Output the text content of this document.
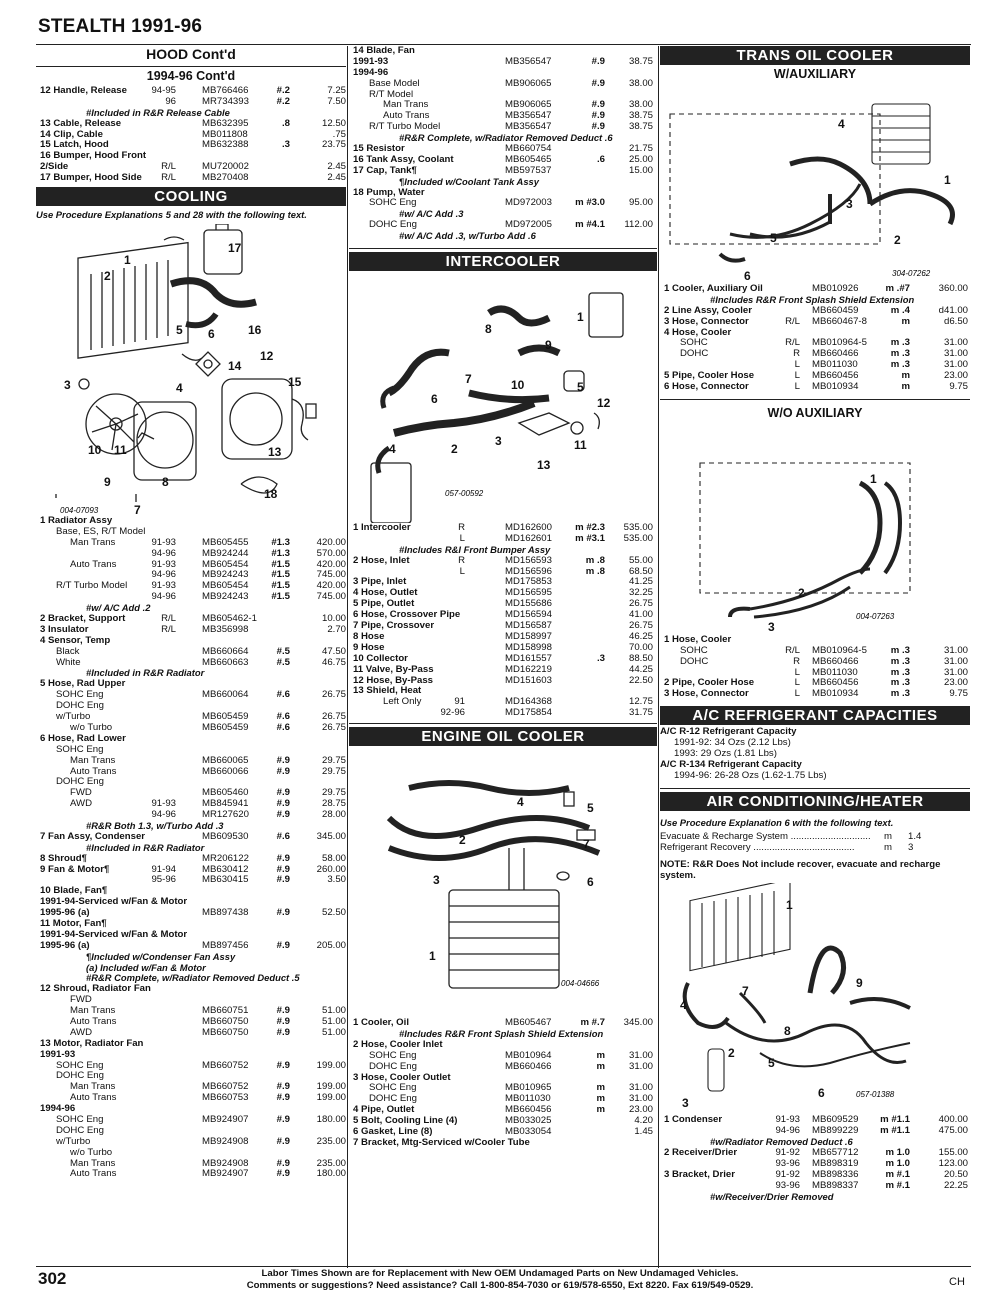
STEALTH 1991-96
HOOD Cont'd
1994-96 Cont'd
12 Handle, Release	94-95	MB766466	#.2	7.25
96	MR734393	#.2	7.50
#Included in R&R Release Cable
13 Cable, Release	MB632395	.8	12.50
14 Clip, Cable	MB011808	.75
15 Latch, Hood	MB632388	.3	23.75
16 Bumper, Hood Front
2/Side	R/L	MU720002	2.45
17 Bumper, Hood Side R/L	MB270408	2.45
COOLING
Use Procedure Explanations 5 and 28 with the following text.
1
2
3	4
5 6
7
8
9
10 11
12
13
14
15
16
17
18
004-07093
1 Radiator Assy
Base, ES, R/T Model
Man Trans	91-93	MB605455 #1.3	420.00
94-96	MB924244 #1.3	570.00
Auto Trans	91-93	MB605454 #1.5	420.00
94-96	MB924243 #1.5	745.00
R/T Turbo Model	91-93	MB605454 #1.5	420.00
94-96	MB924243 #1.5	745.00
#w/ A/C Add .2
2 Bracket, Support	R/L	MB605462-1	10.00
3 Insulator	R/L	MB356998	2.70
4 Sensor, Temp
Black	MB660664	#.5	47.50
White	MB660663	#.5	46.75
#Included in R&R Radiator
5 Hose, Rad Upper
SOHC Eng	MB660064	#.6	26.75
DOHC Eng
w/Turbo	MB605459	#.6	26.75
w/o Turbo	MB605459	#.6	26.75
6 Hose, Rad Lower
SOHC Eng
Man Trans	MB660065	#.9	29.75
Auto Trans	MB660066	#.9	29.75
DOHC Eng
FWD	MB605460	#.9	29.75
AWD	91-93	MB845941	#.9	28.75
94-96	MR127620	#.9	28.00
#R&R Both 1.3, w/Turbo Add .3
7 Fan Assy, Condenser	MB609530	#.6	345.00
#Included in R&R Radiator
8 Shroud¶	MR206122	#.9	58.00
9 Fan & Motor¶	91-94	MB630412	#.9	260.00
95-96	MB630415	#.9	3.50
10 Blade, Fan¶
1991-94-Serviced w/Fan & Motor
1995-96 (a)	MB897438	#.9	52.50
11 Motor, Fan¶
1991-94-Serviced w/Fan & Motor
1995-96 (a)	MB897456	#.9	205.00
¶Included w/Condenser Fan Assy
(a) Included w/Fan & Motor
#R&R Complete, w/Radiator Removed Deduct .5
12 Shroud, Radiator Fan
FWD
Man Trans	MB660751	#.9	51.00
Auto Trans	MB660750	#.9	51.00
AWD	MB660750	#.9	51.00
13 Motor, Radiator Fan
1991-93
SOHC Eng	MB660752	#.9	199.00
DOHC Eng
Man Trans	MB660752	#.9	199.00
Auto Trans	MB660753	#.9	199.00
1994-96
SOHC Eng	MB924907	#.9	180.00
DOHC Eng
w/Turbo	MB924908	#.9	235.00
w/o Turbo
Man Trans	MB924908	#.9	235.00
Auto Trans	MB924907	#.9	180.00
14 Blade, Fan
1991-93	MB356547	#.9 38.75
1994-96
Base Model	MB906065	#.9 38.00
R/T Model
Man Trans	MB906065	#.9 38.00
Auto Trans	MB356547	#.9 38.75
R/T Turbo Model	MB356547	#.9 38.75
#R&R Complete, w/Radiator Removed Deduct .6
15 Resistor	MB660754	21.75
16 Tank Assy, Coolant	MB605465	.6 25.00
17 Cap, Tank¶	MB597537	15.00
¶Included w/Coolant Tank Assy
18 Pump, Water
SOHC Eng	MD972003 m #3.0 95.00
#w/ A/C Add .3
DOHC Eng	MD972005 m #4.1 112.00
#w/ A/C Add .3, w/Turbo Add .6
INTERCOOLER
1
2
3
4
5
6
7
8
9
10
11
12
13
057-00592
1 Intercooler	R	MD162600 m #2.3 535.00
L	MD162601 m #3.1 535.00
#Includes R&I Front Bumper Assy
2 Hose, Inlet	R	MD156593	m .8 55.00
L	MD156596	m .8 68.50
3 Pipe, Inlet	MD175853	41.25
4 Hose, Outlet	MD156595	32.25
5 Pipe, Outlet	MD155686	26.75
6 Hose, Crossover Pipe	MD156594	41.00
7 Pipe, Crossover	MD156587	26.75
8 Hose	MD158997	46.25
9 Hose	MD158998	70.00
10 Collector	MD161557	.3 88.50
11 Valve, By-Pass	MD162219	44.25
12 Hose, By-Pass	MD151603	22.50
13 Shield, Heat
Left Only	91	MD164368	12.75
92-96	MD175854	31.75
ENGINE OIL COOLER
1
2
3
4	5
6
7
004-04666
1 Cooler, Oil	MB605467	m #.7 345.00
#Includes R&R Front Splash Shield Extension
2 Hose, Cooler Inlet
SOHC Eng	MB010964	m 31.00
DOHC Eng	MB660466	m 31.00
3 Hose, Cooler Outlet
SOHC Eng	MB010965	m 31.00
DOHC Eng	MB011030	m 31.00
4 Pipe, Outlet	MB660456	m 23.00
5 Bolt, Cooling Line (4)	MB033025	4.20
6 Gasket, Line (8)	MB033054	1.45
7 Bracket, Mtg-Serviced w/Cooler Tube
TRANS OIL COOLER
W/AUXILIARY
1
2
3
4
5
6	304-07262
1 Cooler, Auxiliary Oil	MB010926	m .#7	360.00
#Includes R&R Front Splash Shield Extension
2 Line Assy, Cooler	MB660459	m .4	d41.00
3 Hose, Connector	R/L MB660467-8	m	d6.50
4 Hose, Cooler
SOHC	R/L MB010964-5 m .3	31.00
DOHC	R MB660466	m .3	31.00
L MB011030	m .3	31.00
5 Pipe, Cooler Hose	L MB660456	m	23.00
6 Hose, Connector	L MB010934	m	9.75
W/O AUXILIARY
1
2
3
004-07263
1 Hose, Cooler
SOHC	R/L MB010964-5 m .3	31.00
DOHC	R MB660466	m .3	31.00
L MB011030	m .3	31.00
2 Pipe, Cooler Hose	L MB660456	m .3	23.00
3 Hose, Connector	L MB010934	m .3	9.75
A/C REFRIGERANT CAPACITIES
A/C R-12 Refrigerant Capacity
1991-92: 34 Ozs (2.12 Lbs)
1993: 29 Ozs (1.81 Lbs)
A/C R-134 Refrigerant Capacity
1994-96: 26-28 Ozs (1.62-1.75 Lbs)
AIR CONDITIONING/HEATER
Use Procedure Explanation 6 with the following text.
Evacuate & Recharge System ..............................	m 1.4
Refrigerant Recovery ......................................	m 3
NOTE: R&R Does Not include recover, evacuate and recharge system.
1
2
3
4
5
6
7
8
9
057-01388
1 Condenser	91-93 MB609529 m #1.1	400.00
94-96 MB899229 m #1.1	475.00
#w/Radiator Removed Deduct .6
2 Receiver/Drier	91-92 MB657712	m 1.0	155.00
93-96 MB898319	m 1.0	123.00
3 Bracket, Drier	91-92 MB898336	m #.1	20.50
93-96 MB898337	m #.1	22.25
#w/Receiver/Drier Removed
302	Labor Times Shown are for Replacement with New OEM Undamaged Parts on New Undamaged Vehicles.
Comments or suggestions? Need assistance? Call 1-800-854-7030 or 619/578-6550, Ext 8220. Fax 619/549-0529.	CH
